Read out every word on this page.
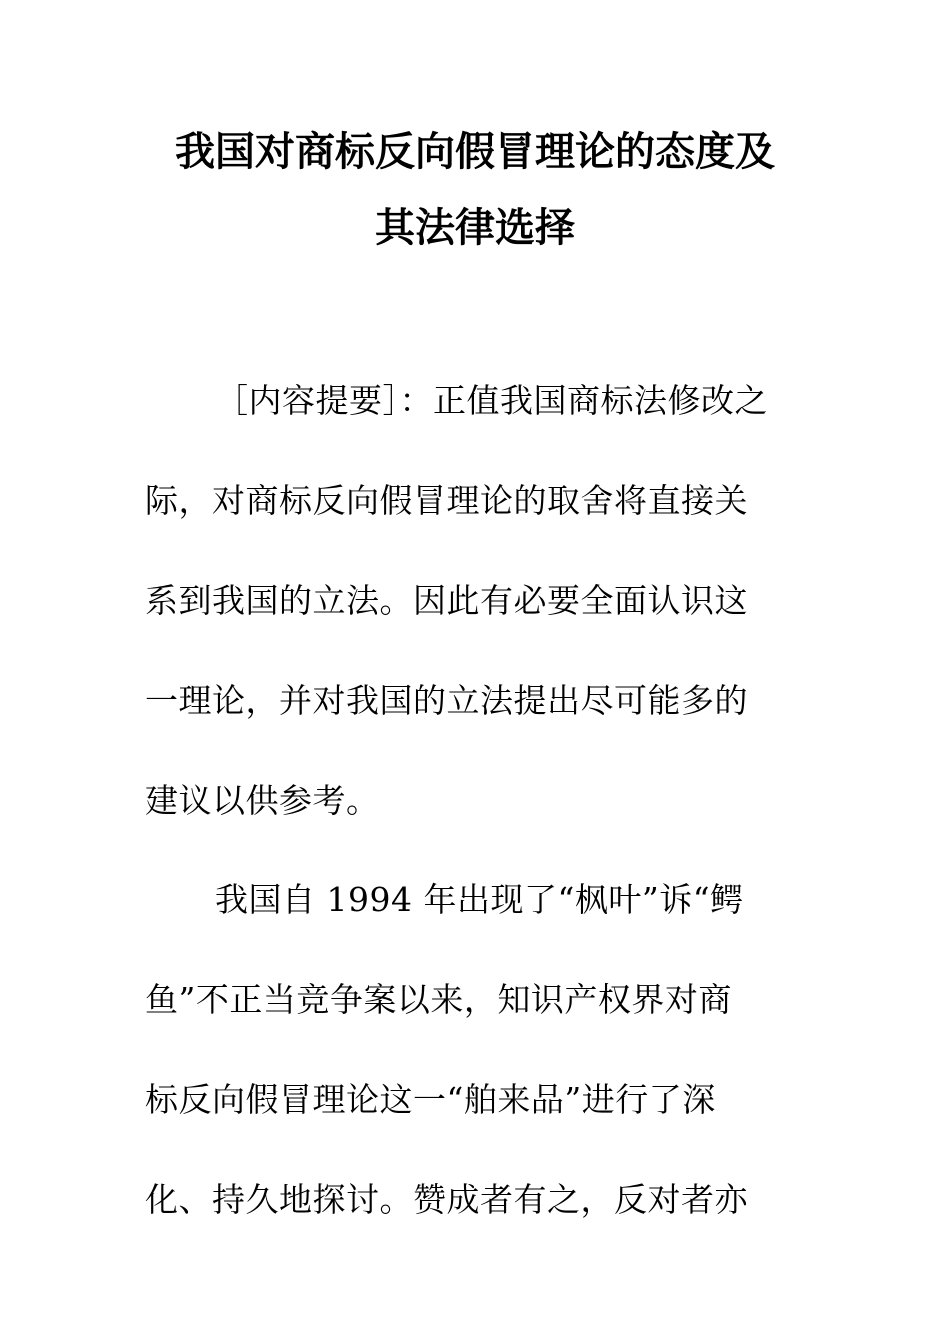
我国对商标反向假冒理论的态度及
其法律选择
［内容提要］：正值我国商标法修改之
际，对商标反向假冒理论的取舍将直接关
系到我国的立法。因此有必要全面认识这
一理论，并对我国的立法提出尽可能多的
建议以供参考。
我国自 1994 年出现了“枫叶”诉“鳄
鱼”不正当竞争案以来，知识产权界对商
标反向假冒理论这一“舶来品”进行了深
化、持久地探讨。赞成者有之，反对者亦
